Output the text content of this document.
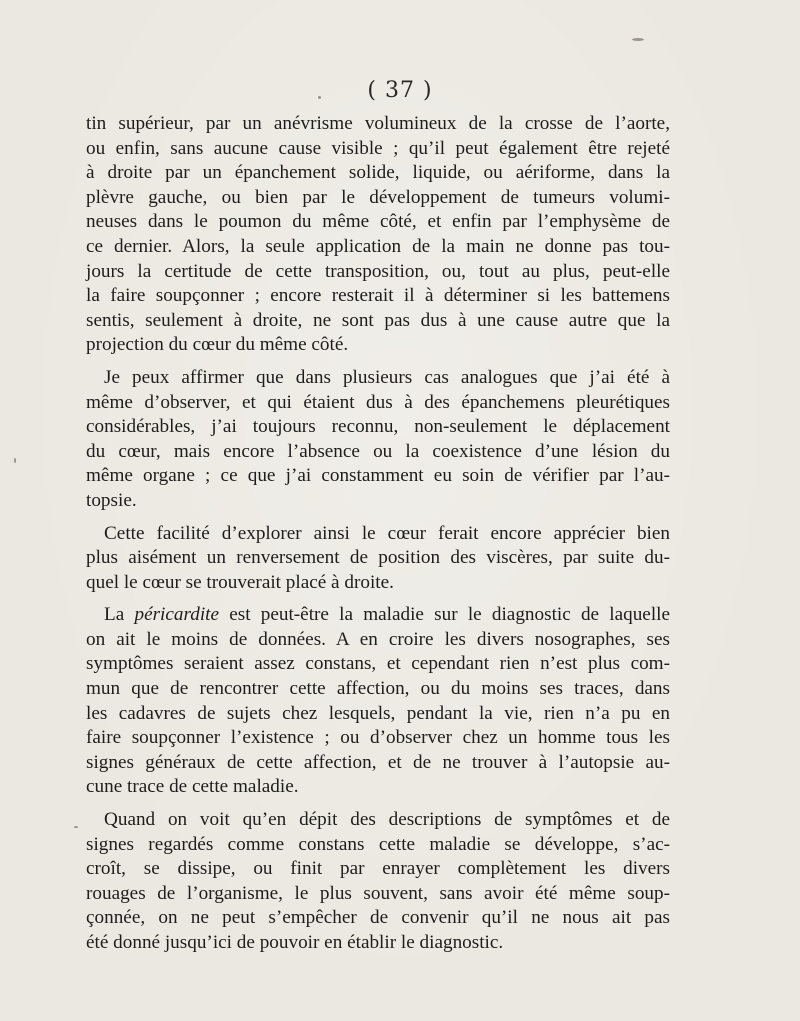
( 37 )
tin supérieur, par un anévrisme volumineux de la crosse de l’aorte,
ou enfin, sans aucune cause visible ; qu’il peut également être rejeté
à droite par un épanchement solide, liquide, ou aériforme, dans la
plèvre gauche, ou bien par le développement de tumeurs volumi-
neuses dans le poumon du même côté, et enfin par l’emphysème de
ce dernier. Alors, la seule application de la main ne donne pas tou-
jours la certitude de cette transposition, ou, tout au plus, peut-elle
la faire soupçonner ; encore resterait il à déterminer si les battemens
sentis, seulement à droite, ne sont pas dus à une cause autre que la
projection du cœur du même côté.
Je peux affirmer que dans plusieurs cas analogues que j’ai été à
même d’observer, et qui étaient dus à des épanchemens pleurétiques
considérables, j’ai toujours reconnu, non-seulement le déplacement
du cœur, mais encore l’absence ou la coexistence d’une lésion du
même organe ; ce que j’ai constamment eu soin de vérifier par l’au-
topsie.
Cette facilité d’explorer ainsi le cœur ferait encore apprécier bien
plus aisément un renversement de position des viscères, par suite du-
quel le cœur se trouverait placé à droite.
La péricardite est peut-être la maladie sur le diagnostic de laquelle
on ait le moins de données. A en croire les divers nosographes, ses
symptômes seraient assez constans, et cependant rien n’est plus com-
mun que de rencontrer cette affection, ou du moins ses traces, dans
les cadavres de sujets chez lesquels, pendant la vie, rien n’a pu en
faire soupçonner l’existence ; ou d’observer chez un homme tous les
signes généraux de cette affection, et de ne trouver à l’autopsie au-
cune trace de cette maladie.
Quand on voit qu’en dépit des descriptions de symptômes et de
signes regardés comme constans cette maladie se développe, s’ac-
croît, se dissipe, ou finit par enrayer complètement les divers
rouages de l’organisme, le plus souvent, sans avoir été même soup-
çonnée, on ne peut s’empêcher de convenir qu’il ne nous ait pas
été donné jusqu’ici de pouvoir en établir le diagnostic.
